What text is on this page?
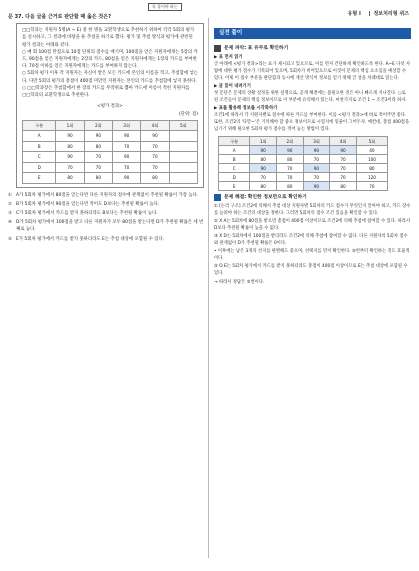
꼭 풀어야 하는
유형 I	정보처리형 퀴즈
문 37. 다음 글을 근거로 판단할 때 옳은 것은?

□□학과는 지원자 5명(A ~ E) 중 한 명을 교환학생으로 추천하기 위하여 각각 5회의 평가를 실시하고, 그 결과에 바탕을 둔 추첨을 하기로 했다. 평가 및 추첨 방식과 평가에 관련된 평가 결과는 아래와 같다.

○ 매 회 100점 만점으로 10점 단위의 점수를 매기며, 100점을 얻은 지원자에게는 5장의 카드, 90점을 얻은 지원자에게는 2장의 카드, 80점을 얻은 지원자에게는 1장의 카드를 부여한다. 70점 이하를 얻은 지원자에게는 카드를 부여하지 않는다.

○ 5회차 평가 이후 각 지원자는 자신이 받은 모든 카드에 본인의 이름을 적고, 추첨함에 넣는다. 다만 5회의 평가의 총점이 400점 미만인 지원자는 본인의 카드를 추첨함에 넣지 못한다.

○ □□학과장은 추첨함에서 한 장의 카드를 무작위로 뽑아 카드에 이름이 적힌 지원자를 □□학과의 교환학생으로 추천한다.

<평가 결과>
(단위: 점)
구분	1회	2회	3회	4회	5회
A	90	90	90	90	
B	80	80	70	70	
C	90	70	90	70	
D	70	70	70	70	
E	80	80	90	80	
① A가 5회차 평가에서 80점을 얻는다면 다른 지원자의 점수에 관계없이 추천될 확률이 가장 높다.
② B가 5회차 평가에서 90점을 얻는다면 적어도 D보다는 추천될 확률이 높다.
③ C가 5회차 평가에서 카드를 받지 못하더라도 B보다는 추천될 확률이 높다.
④ D가 5회차 평가에서 100점을 받고 다른 지원자가 모두 80점을 받는다면 D가 추천될 확률은 세 번째로 높다.
⑤ E가 5회차 평가에서 카드를 받지 못하더라도 E는 추첨 대상에 포함될 수 있다.
실전 풀이
문제 파악: 표 유무로 확인하기
▶ 표 먼저 읽기

글 아래에 <평가 결과>라는 표가 제시되고 있으므로, 이를 먼저 간단하게 확인하도록 한다. A~E 다섯 사람에 대한 평가 점수가 기록되어 있으며, 5회차가 비어있으므로 이것이 문제의 핵심 요소임을 예상할 수 있다. 이제 이 점수 부분을 판단함과 동시에 계산 방식이 정보를 얻기 위해 글 상을 차례대로 읽는다.

▶ 글 읽어 내려가기

첫 문단은 문제의 상황 설정을 위한 설명으로, 곧게 해결에는 불필요한 것은 아니 빠르게 지나간다. ○로 된 조건들이 문제의 핵심 정보이므로 이 부분에 유의해서 읽는다. 마찬가지로 조건 1 ~ 조건3이라 하자.

▶ 표를 활용해 정보를 시각화하기

조건1에 따라서 각 지원자별로 점수에 따른 카드를 부여한다. 이를 <평가 결과>에 바로 적어주면 좋다. 또한, 조건2의 '다만~'은 기억해야 할 중요 정보이므로 시험지에 밑줄이 그어두자. 예컨대, 총점 400점을 넘기기 위해 필요한 5회차 평가 점수를 적어 놓는 방법이 있다.

구분	1회	2회	3회	4회	5회
A	90	90	90	90	40
B	80	80	70	70	100
C	90	70	90	70	80
D	70	70	70	70	120
E	80	80	90	80	70
문제 해결: 확인한 정보만으로 확인하기

① [논리 구조] 조건2에 의해서 추첨 대상 지원자별 5회차의 카드 점수가 무엇인지 알아야 하고, 카드 장수를 늘려야 하는 조건의 대상을 정한다. 그러면 5회차의 점수 조건 있음을 확인할 수 있다.

② X A는 5회차에 80점을 받으면 총점이 400점 이상이므로 조건2에 의해 추첨에 참여할 수 있다. 따라서 D보다 추천될 확률이 높을 수 없다.

③ X D는 5회차에서 100점을 받더라도 조건2에 의해 추첨에 참여할 수 없다. 다른 지원자의 5회차 점수와 관계없이 D가 추천될 확률은 0이다.

• 이후에는 남은 3개의 선지를 판별해도 좋으며, 선택지를 먼저 확인한다. ⑤번부터 확인하는 것도 효율적이다.

⑤ O E는 5회차 평가에서 카드를 받지 못하더라도 총점이 400점 이상이므로 E는 추첨 대상에 포함될 수 있다.

→ 따라서 정답은 ⑤번이다.
